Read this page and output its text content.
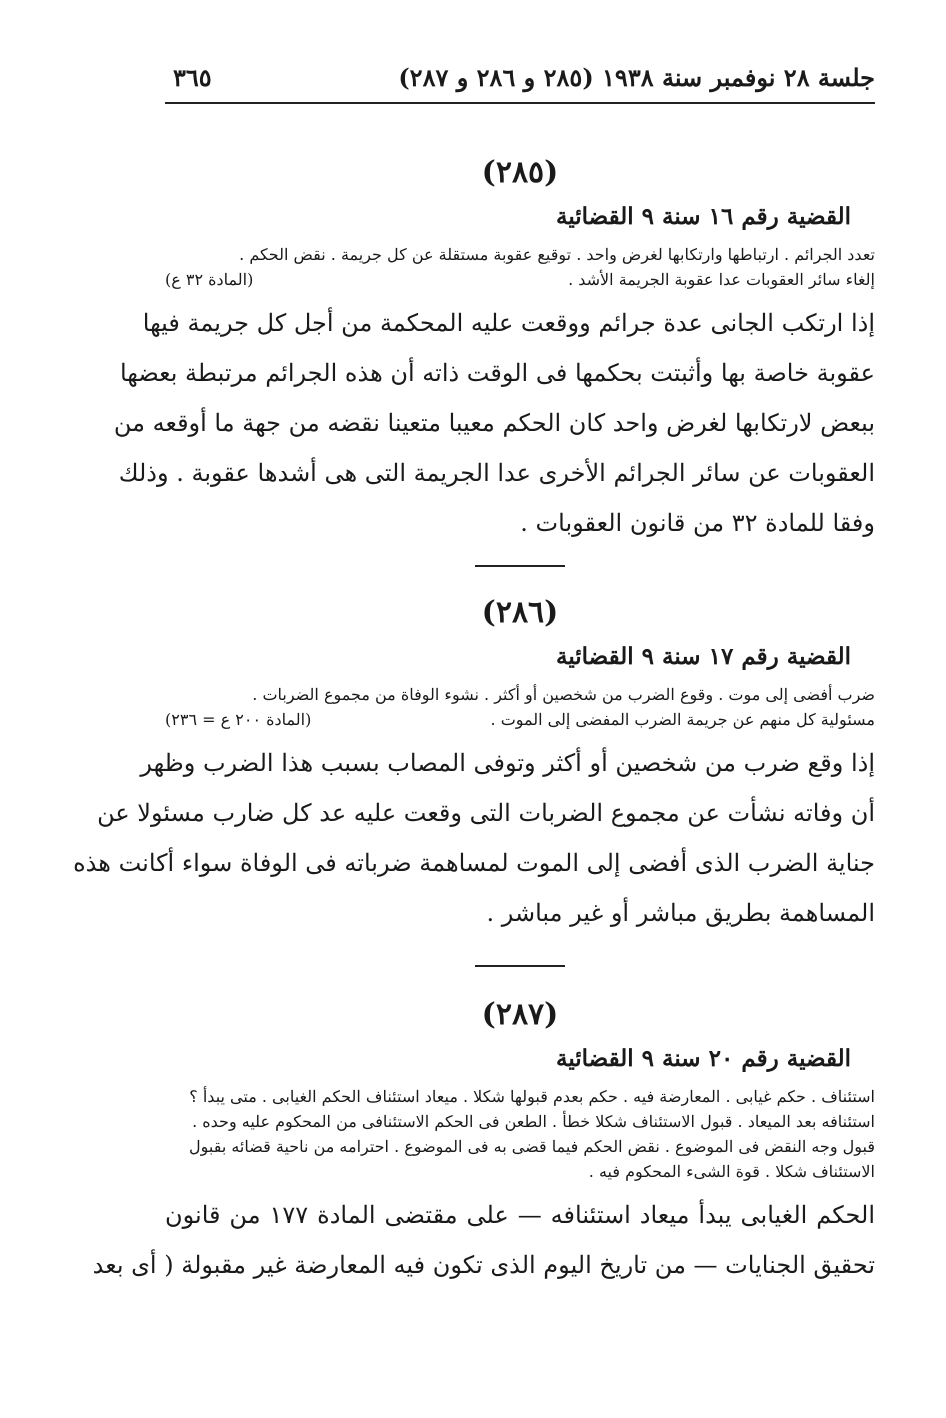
جلسة ٢٨ نوفمبر سنة ١٩٣٨ (٢٨٥ و ٢٨٦ و ٢٨٧)
٣٦٥
(٢٨٥)
القضية رقم ١٦ سنة ٩ القضائية
تعدد الجرائم . ارتباطها وارتكابها لغرض واحد . توقيع عقوبة مستقلة عن كل جريمة . نقض الحكم .
إلغاء سائر العقوبات عدا عقوبة الجريمة الأشد .
(المادة ٣٢ ع)
إذا ارتكب الجانى عدة جرائم ووقعت عليه المحكمة من أجل كل جريمة فيها
عقوبة خاصة بها وأثبتت بحكمها فى الوقت ذاته أن هذه الجرائم مرتبطة بعضها
ببعض لارتكابها لغرض واحد كان الحكم معيبا متعينا نقضه من جهة ما أوقعه من
العقوبات عن سائر الجرائم الأخرى عدا الجريمة التى هى أشدها عقوبة . وذلك
وفقا للمادة ٣٢ من قانون العقوبات .
(٢٨٦)
القضية رقم ١٧ سنة ٩ القضائية
ضرب أفضى إلى موت . وقوع الضرب من شخصين أو أكثر . نشوء الوفاة من مجموع الضربات .
مسئولية كل منهم عن جريمة الضرب المفضى إلى الموت .
(المادة ٢٠٠ ع = ٢٣٦)
إذا وقع ضرب من شخصين أو أكثر وتوفى المصاب بسبب هذا الضرب وظهر
أن وفاته نشأت عن مجموع الضربات التى وقعت عليه عد كل ضارب مسئولا عن
جناية الضرب الذى أفضى إلى الموت لمساهمة ضرباته فى الوفاة سواء أكانت هذه
المساهمة بطريق مباشر أو غير مباشر .
(٢٨٧)
القضية رقم ٢٠ سنة ٩ القضائية
استئناف . حكم غيابى . المعارضة فيه . حكم بعدم قبولها شكلا . ميعاد استئناف الحكم الغيابى . متى يبدأ ؟
استئنافه بعد الميعاد . قبول الاستئناف شكلا خطأ . الطعن فى الحكم الاستئنافى من المحكوم عليه وحده .
قبول وجه النقض فى الموضوع . نقض الحكم فيما قضى به فى الموضوع . احترامه من ناحية قضائه بقبول
الاستئناف شكلا . قوة الشىء المحكوم فيه .
الحكم الغيابى يبدأ ميعاد استئنافه — على مقتضى المادة ١٧٧ من قانون
تحقيق الجنايات — من تاريخ اليوم الذى تكون فيه المعارضة غير مقبولة ( أى بعد
